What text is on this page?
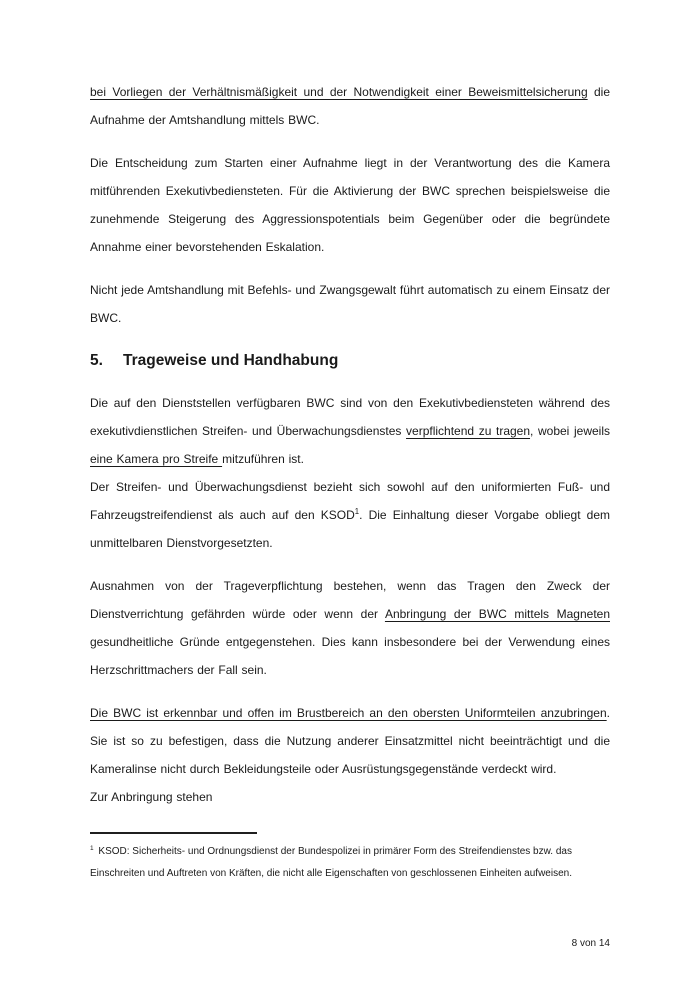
bei Vorliegen der Verhältnismäßigkeit und der Notwendigkeit einer Beweismittelsicherung die Aufnahme der Amtshandlung mittels BWC.

Die Entscheidung zum Starten einer Aufnahme liegt in der Verantwortung des die Kamera mitführenden Exekutivbediensteten. Für die Aktivierung der BWC sprechen beispielsweise die zunehmende Steigerung des Aggressionspotentials beim Gegenüber oder die begründete Annahme einer bevorstehenden Eskalation.

Nicht jede Amtshandlung mit Befehls- und Zwangsgewalt führt automatisch zu einem Einsatz der BWC.

5.	Trageweise und Handhabung

Die auf den Dienststellen verfügbaren BWC sind von den Exekutivbediensteten während des exekutivdienstlichen Streifen- und Überwachungsdienstes verpflichtend zu tragen, wobei jeweils eine Kamera pro Streife mitzuführen ist.

Der Streifen- und Überwachungsdienst bezieht sich sowohl auf den uniformierten Fuß- und Fahrzeugstreifendienst als auch auf den KSOD$^1$. Die Einhaltung dieser Vorgabe obliegt dem unmittelbaren Dienstvorgesetzten.

Ausnahmen von der Trageverpflichtung bestehen, wenn das Tragen den Zweck der Dienstverrichtung gefährden würde oder wenn der Anbringung der BWC mittels Magneten gesundheitliche Gründe entgegenstehen. Dies kann insbesondere bei der Verwendung eines Herzschrittmachers der Fall sein.

Die BWC ist erkennbar und offen im Brustbereich an den obersten Uniformteilen anzubringen. Sie ist so zu befestigen, dass die Nutzung anderer Einsatzmittel nicht beeinträchtigt und die Kameralinse nicht durch Bekleidungsteile oder Ausrüstungsgegenstände verdeckt wird.

Zur Anbringung stehen

$^1$ KSOD: Sicherheits- und Ordnungsdienst der Bundespolizei in primärer Form des Streifendienstes bzw. das Einschreiten und Auftreten von Kräften, die nicht alle Eigenschaften von geschlossenen Einheiten aufweisen.
8 von 14
